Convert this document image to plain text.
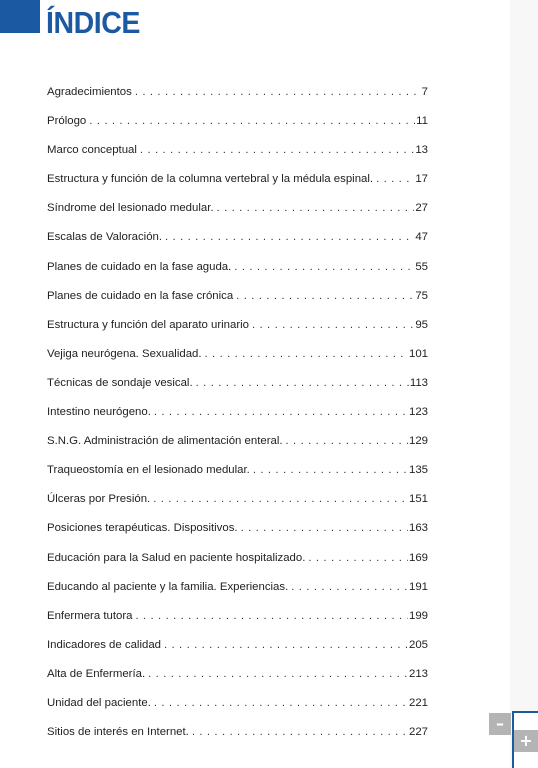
ÍNDICE
Agradecimientos . . .	7
Prólogo . . .	11
Marco conceptual . . .	13
Estructura y función de la columna vertebral y la médula espinal. . . .	17
Síndrome del lesionado medular. . . .	27
Escalas de Valoración. . . .	47
Planes de cuidado en la fase aguda. . . .	55
Planes de cuidado en la fase crónica . . .	75
Estructura y función del aparato urinario . . .	95
Vejiga neurógena. Sexualidad. . . .	101
Técnicas de sondaje vesical. . . .	113
Intestino neurógeno. . . .	123
S.N.G. Administración de alimentación enteral. . . .	129
Traqueostomía en el lesionado medular. . . .	135
Úlceras por Presión. . . .	151
Posiciones terapéuticas. Dispositivos. . . .	163
Educación para la Salud en paciente hospitalizado. . . .	169
Educando al paciente y la familia. Experiencias. . . .	191
Enfermera tutora . . .	199
Indicadores de calidad . . .	205
Alta de Enfermería. . . .	213
Unidad del paciente. . . .	221
Sitios de interés en Internet. . . .	227	–
+
